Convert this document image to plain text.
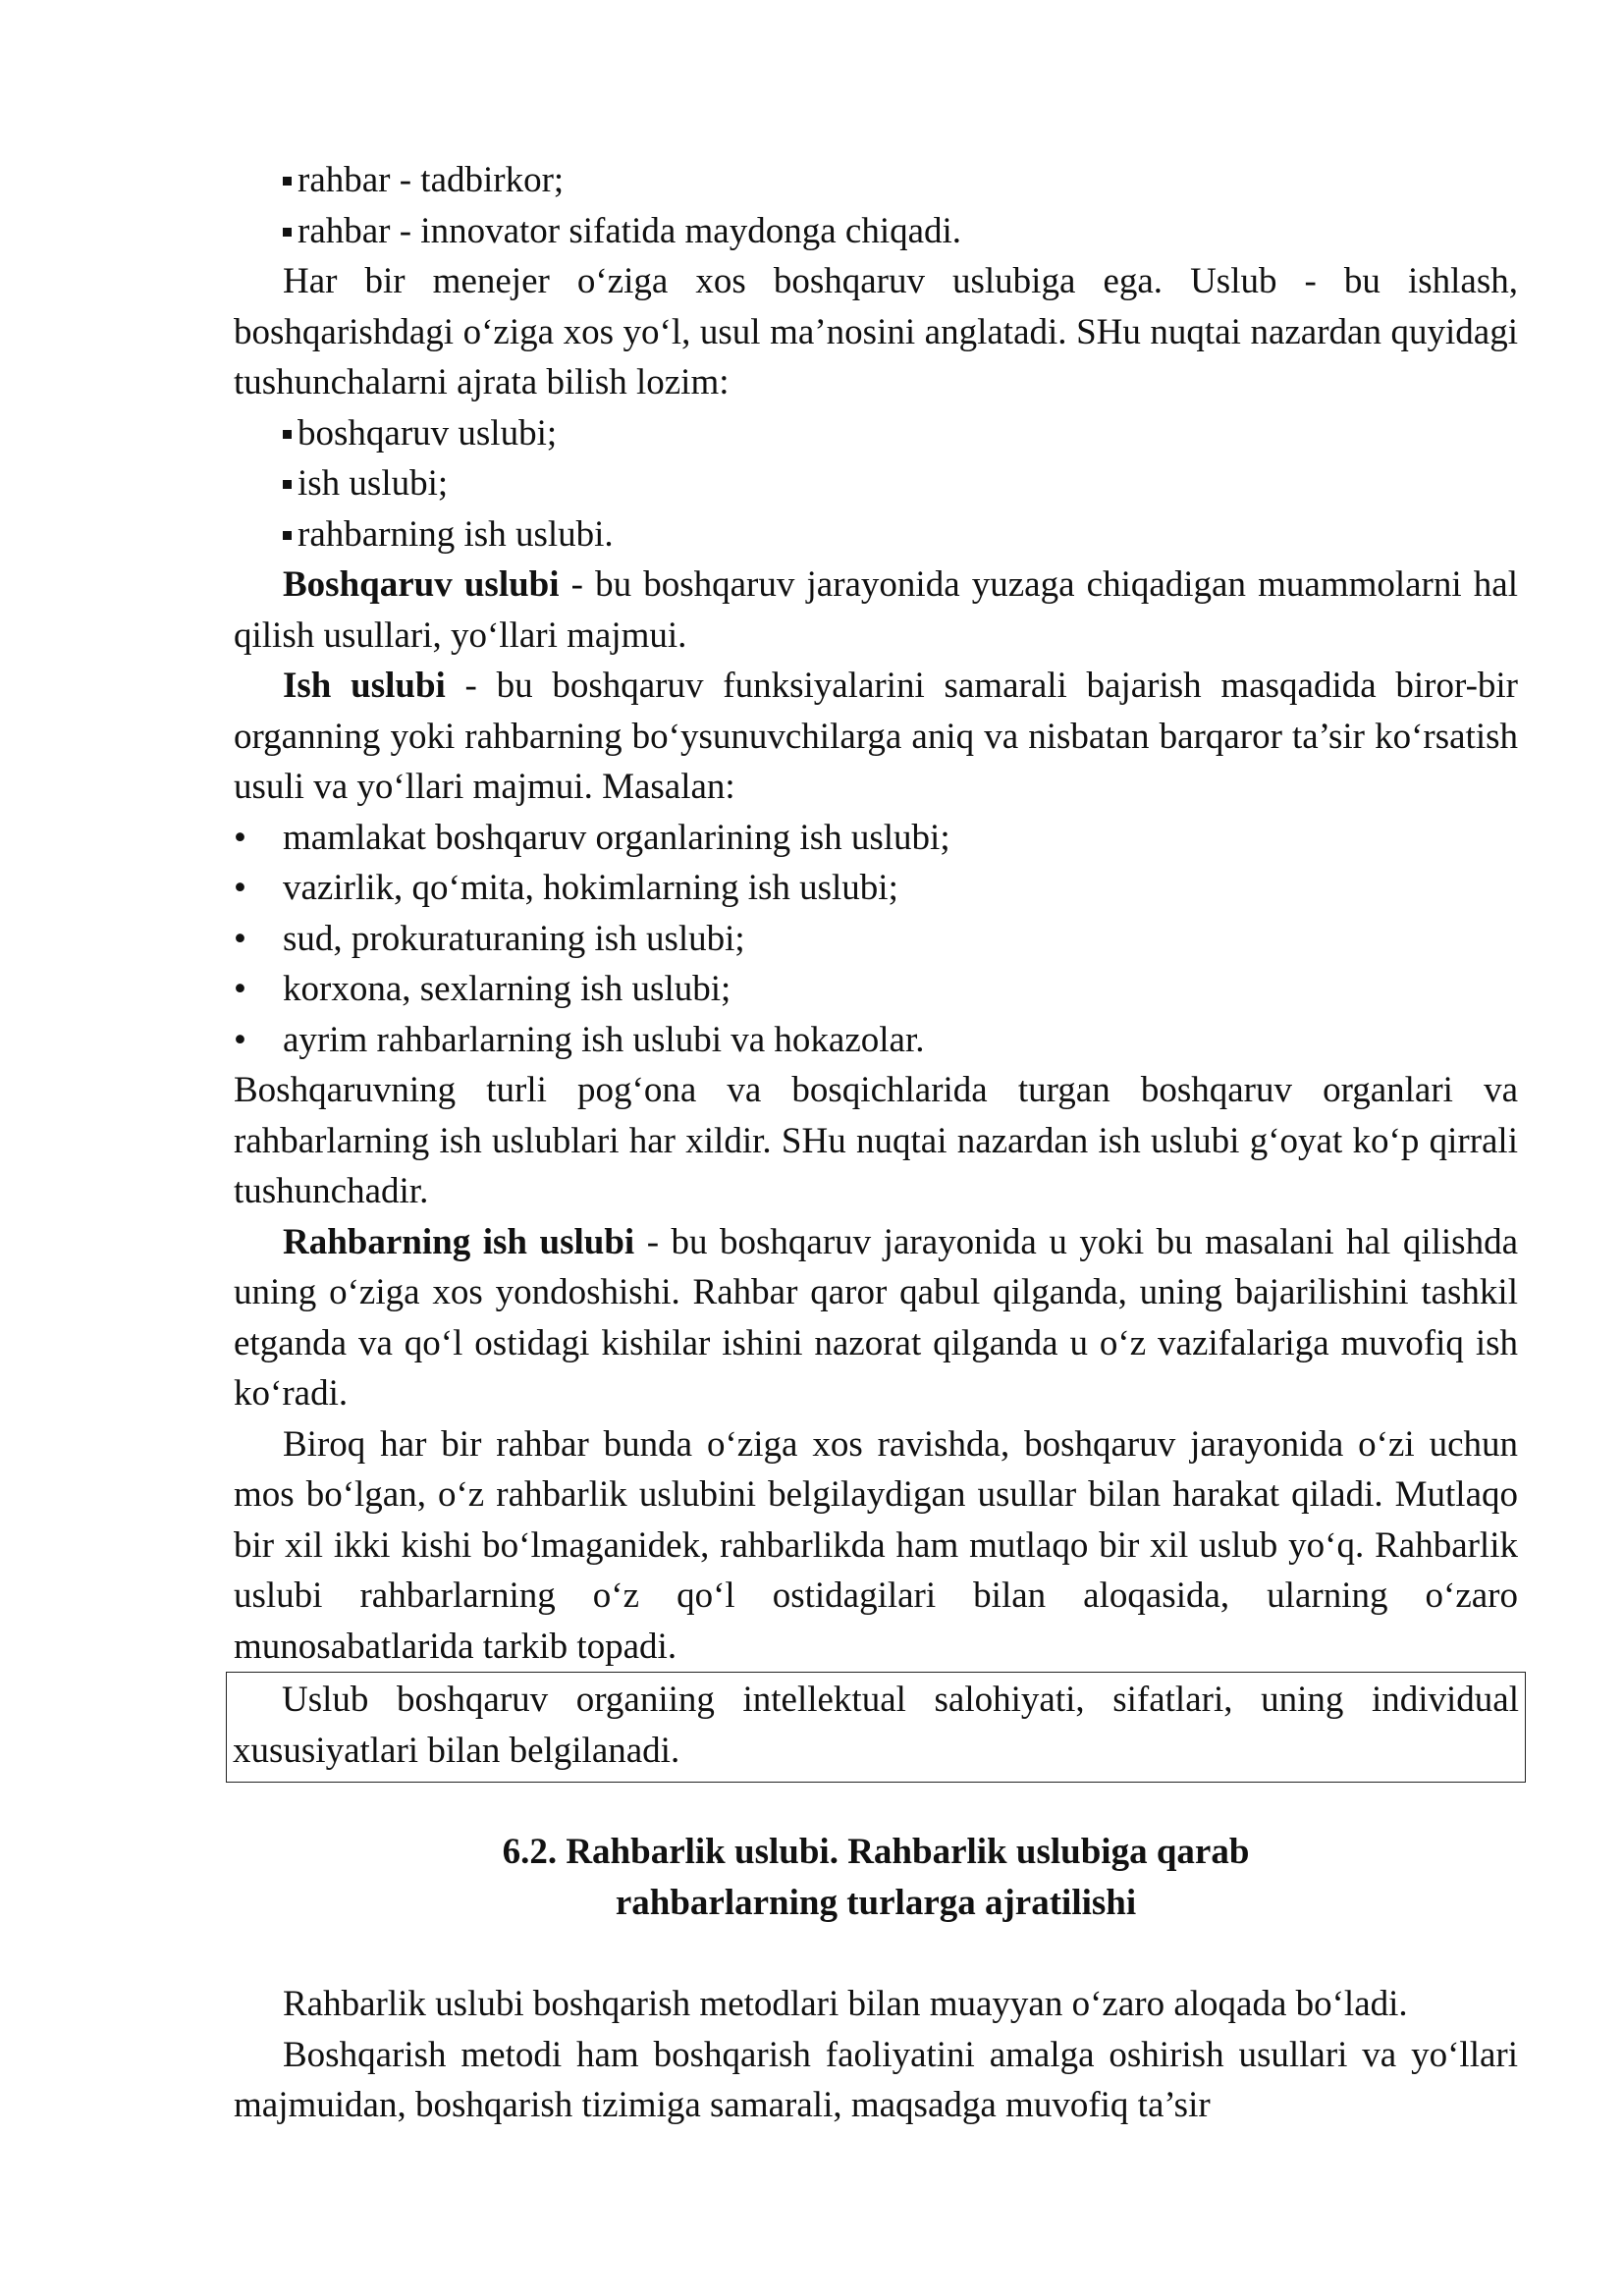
rahbar - tadbirkor;
rahbar - innovator sifatida maydonga chiqadi.

Har bir menejer o‘ziga xos boshqaruv uslubiga ega. Uslub - bu ishlash, boshqarishdagi o‘ziga xos yo‘l, usul ma’nosini anglatadi. SHu nuqtai nazardan quyidagi tushunchalarni ajrata bilish lozim:

boshqaruv uslubi;
ish uslubi;
rahbarning ish uslubi.

Boshqaruv uslubi - bu boshqaruv jarayonida yuzaga chiqadigan muammolarni hal qilish usullari, yo‘llari majmui.

Ish uslubi - bu boshqaruv funksiyalarini samarali bajarish masqadida biror-bir organning yoki rahbarning bo‘ysunuvchilarga aniq va nisbatan barqaror ta’sir ko‘rsatish usuli va yo‘llari majmui. Masalan:

• mamlakat boshqaruv organlarining ish uslubi;
• vazirlik, qo‘mita, hokimlarning ish uslubi;
• sud, prokuraturaning ish uslubi;
• korxona, sexlarning ish uslubi;
• ayrim rahbarlarning ish uslubi va hokazolar.

Boshqaruvning turli pog‘ona va bosqichlarida turgan boshqaruv organlari va rahbarlarning ish uslublari har xildir. SHu nuqtai nazardan ish uslubi g‘oyat ko‘p qirrali tushunchadir.

Rahbarning ish uslubi - bu boshqaruv jarayonida u yoki bu masalani hal qilishda uning o‘ziga xos yondoshishi. Rahbar qaror qabul qilganda, uning bajarilishini tashkil etganda va qo‘l ostidagi kishilar ishini nazorat qilganda u o‘z vazifalariga muvofiq ish ko‘radi.

Biroq har bir rahbar bunda o‘ziga xos ravishda, boshqaruv jarayonida o‘zi uchun mos bo‘lgan, o‘z rahbarlik uslubini belgilaydigan usullar bilan harakat qiladi. Mutlaqo bir xil ikki kishi bo‘lmaganidek, rahbarlikda ham mutlaqo bir xil uslub yo‘q. Rahbarlik uslubi rahbarlarning o‘z qo‘l ostidagilari bilan aloqasida, ularning o‘zaro munosabatlarida tarkib topadi.

Uslub boshqaruv organiing intellektual salohiyati, sifatlari, uning individual xususiyatlari bilan belgilanadi.

6.2. Rahbarlik uslubi. Rahbarlik uslubiga qarab
rahbarlarning turlarga ajratilishi

Rahbarlik uslubi boshqarish metodlari bilan muayyan o‘zaro aloqada bo‘ladi.

Boshqarish metodi ham boshqarish faoliyatini amalga oshirish usullari va yo‘llari majmuidan, boshqarish tizimiga samarali, maqsadga muvofiq ta’sir
